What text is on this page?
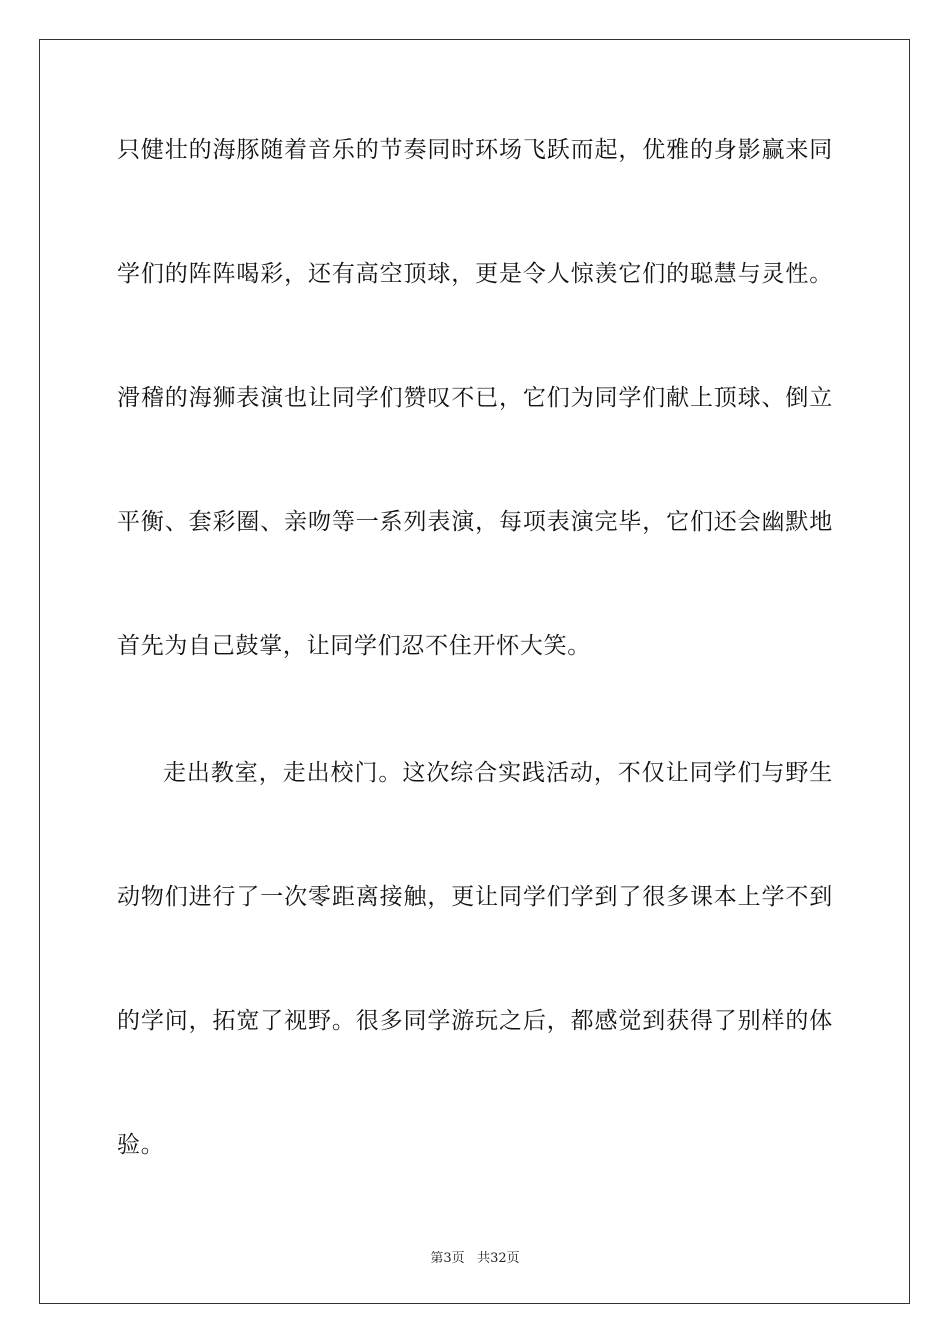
只健壮的海豚随着音乐的节奏同时环场飞跃而起，优雅的身影赢来同
学们的阵阵喝彩，还有高空顶球，更是令人惊羡它们的聪慧与灵性。
滑稽的海狮表演也让同学们赞叹不已，它们为同学们献上顶球、倒立
平衡、套彩圈、亲吻等一系列表演，每项表演完毕，它们还会幽默地
首先为自己鼓掌，让同学们忍不住开怀大笑。
走出教室，走出校门。这次综合实践活动，不仅让同学们与野生
动物们进行了一次零距离接触，更让同学们学到了很多课本上学不到
的学问，拓宽了视野。很多同学游玩之后，都感觉到获得了别样的体
验。
第3页 共32页
